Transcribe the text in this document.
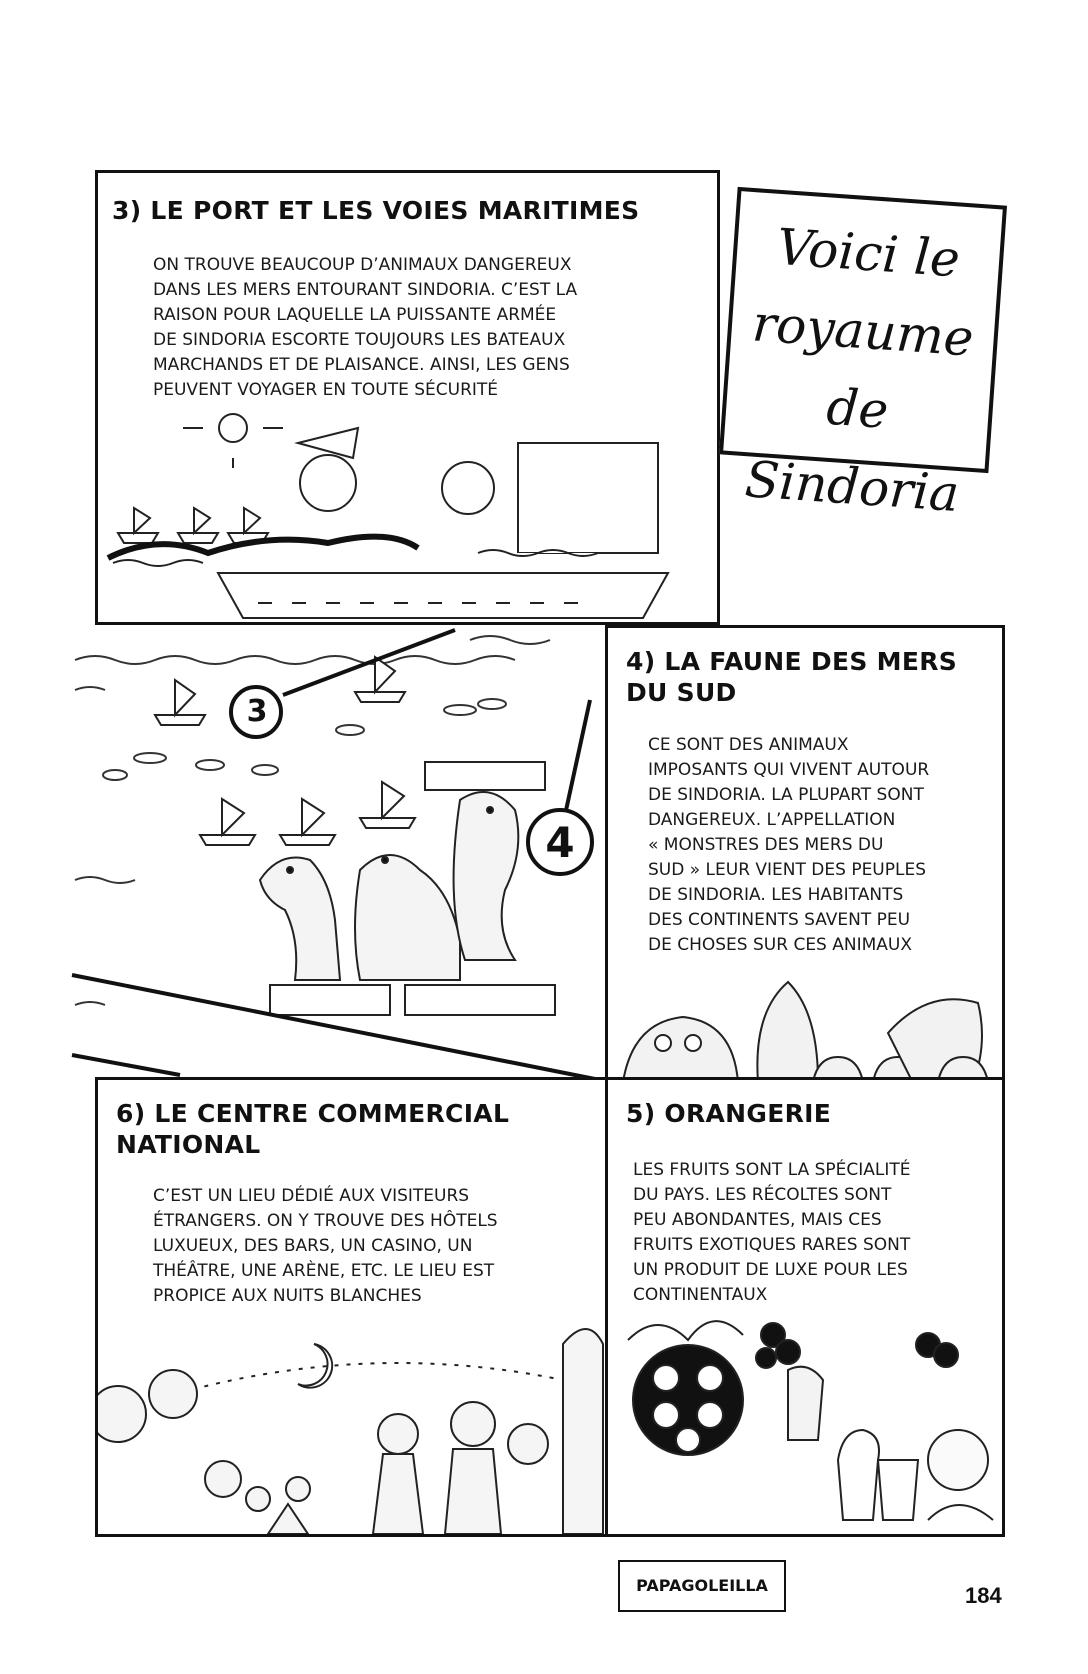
3
4
3) LE PORT ET LES VOIES MARITIMES
ON TROUVE BEAUCOUP D’ANIMAUX DANGEREUX
DANS LES MERS ENTOURANT SINDORIA. C’EST LA
RAISON POUR LAQUELLE LA PUISSANTE ARMÉE
DE SINDORIA ESCORTE TOUJOURS LES BATEAUX
MARCHANDS ET DE PLAISANCE. AINSI, LES GENS
PEUVENT VOYAGER EN TOUTE SÉCURITÉ
Voici le
royaume de
Sindoria
4) LA FAUNE DES MERS
DU SUD
CE SONT DES ANIMAUX
IMPOSANTS QUI VIVENT AUTOUR
DE SINDORIA. LA PLUPART SONT
DANGEREUX. L’APPELLATION
« MONSTRES DES MERS DU
SUD » LEUR VIENT DES PEUPLES
DE SINDORIA. LES HABITANTS
DES CONTINENTS SAVENT PEU
DE CHOSES SUR CES ANIMAUX
6) LE CENTRE COMMERCIAL
NATIONAL
C’EST UN LIEU DÉDIÉ AUX VISITEURS
ÉTRANGERS. ON Y TROUVE DES HÔTELS
LUXUEUX, DES BARS, UN CASINO, UN
THÉÂTRE, UNE ARÈNE, ETC. LE LIEU EST
PROPICE AUX NUITS BLANCHES
5) ORANGERIE
LES FRUITS SONT LA SPÉCIALITÉ
DU PAYS. LES RÉCOLTES SONT
PEU ABONDANTES, MAIS CES
FRUITS EXOTIQUES RARES SONT
UN PRODUIT DE LUXE POUR LES
CONTINENTAUX
PAPAGOLEILLA	184
